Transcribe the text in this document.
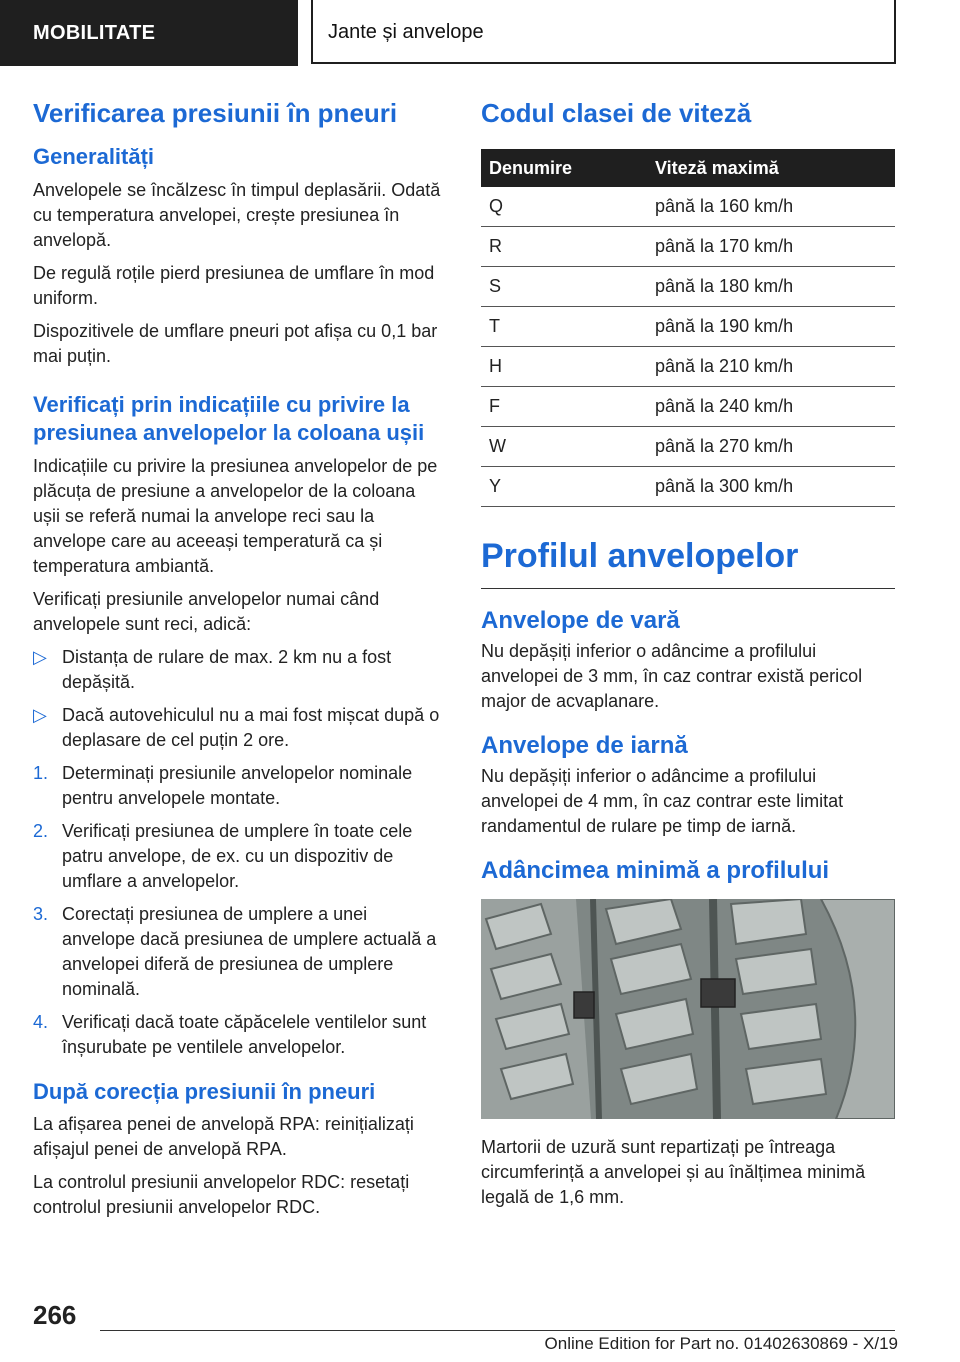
MOBILITATE	Jante și anvelope
Verificarea presiunii în pneuri
Generalități

Anvelopele se încălzesc în timpul deplasării. Odată cu temperatura anvelopei, crește presiunea în anvelopă.

De regulă roțile pierd presiunea de umflare în mod uniform.

Dispozitivele de umflare pneuri pot afișa cu 0,1 bar mai puțin.

Verificați prin indicațiile cu privire la presiunea anvelopelor la coloana ușii

Indicațiile cu privire la presiunea anvelopelor de pe plăcuța de presiune a anvelopelor de la coloana ușii se referă numai la anvelope reci sau la anvelope care au aceeași temperatură ca și temperatura ambiantă.

Verificați presiunile anvelopelor numai când anvelopele sunt reci, adică:

▷ Distanța de rulare de max. 2 km nu a fost depășită.
▷ Dacă autovehiculul nu a mai fost mișcat după o deplasare de cel puțin 2 ore.
1. Determinați presiunile anvelopelor nominale pentru anvelopele montate.
2. Verificați presiunea de umplere în toate cele patru anvelope, de ex. cu un dispozitiv de umflare a anvelopelor.
3. Corectați presiunea de umplere a unei anvelope dacă presiunea de umplere actuală a anvelopei diferă de presiunea de umplere nominală.
4. Verificați dacă toate căpăcelele ventilelor sunt înșurubate pe ventilele anvelopelor.
După corecția presiunii în pneuri

La afișarea penei de anvelopă RPA: reinițializați afișajul penei de anvelopă RPA.

La controlul presiunii anvelopelor RDC: resetați controlul presiunii anvelopelor RDC.

Codul clasei de viteză
Denumire	Viteză maximă
Q	până la 160 km/h
R	până la 170 km/h
S	până la 180 km/h
T	până la 190 km/h
H	până la 210 km/h
F	până la 240 km/h
W	până la 270 km/h
Y	până la 300 km/h
Profilul anvelopelor
Anvelope de vară

Nu depășiți inferior o adâncime a profilului anvelopei de 3 mm, în caz contrar există pericol major de acvaplanare.

Anvelope de iarnă

Nu depășiți inferior o adâncime a profilului anvelopei de 4 mm, în caz contrar este limitat randamentul de rulare pe timp de iarnă.

Adâncimea minimă a profilului

Martorii de uzură sunt repartizați pe întreaga circumferință a anvelopei și au înălțimea minimă legală de 1,6 mm.

266
Online Edition for Part no. 01402630869 - X/19
